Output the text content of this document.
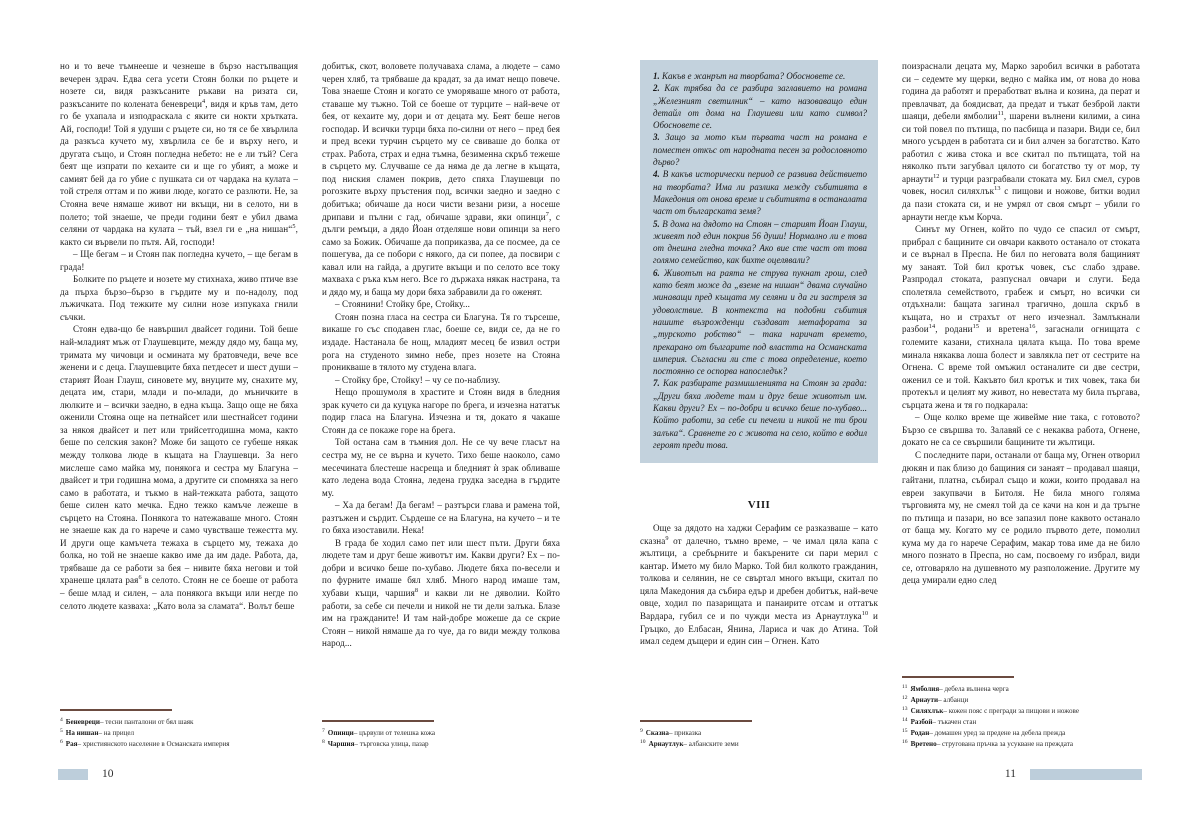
но и то вече тъмнееше и чезнеше в бързо настъпващия вечерен здрач. Едва сега усети Стоян болки по ръцете и нозете си, видя разкъсаните ръкави на ризата си, разкъсаните по колената беневреци$^4$, видя и кръв там, дето го бе ухапала и изподраскала с яките си нокти хрътката. Ай, господи! Той я удуши с ръцете си, но тя се бе хвърлила да разкъса кучето му, хвърлила се бе и върху него, и другата също, и Стоян погледна небето: не е ли тъй? Сега беят ще изпрати по кехаите си и ще го убият, а може и самият бей да го убие с пушката си от чардака на кулата – той стреля оттам и по живи люде, когато се разлюти. Не, за Стояна вече нямаше живот ни вкъщи, ни в селото, ни в полето; той знаеше, че преди години беят е убил двама селяни от чардака на кулата – тъй, взел ги е „на нишан“$^5$, както си вървели по пътя. Ай, господи!

– Ще бегам – и Стоян пак погледна кучето, – ще бегам в града!

Болките по ръцете и нозете му стихнаха, живо птиче взе да пърха бързо–бързо в гърдите му и по-надолу, под лъжичката. Под тежките му силни нозе изпукаха гнили съчки.

Стоян едва-що бе навършил двайсет години. Той беше най-младият мъж от Глаушевците, между дядо му, баща му, тримата му чичовци и осмината му братовчеди, вече все женени и с деца. Глаушевците бяха петдесет и шест души – старият Йоан Глауш, синовете му, внуците му, снахите му, децата им, стари, млади и по-млади, до мъничките в люлките и – всички заедно, в една къща. Защо още не бяха оженили Стояна още на петнайсет или шестнайсет години за някоя двайсет и пет или трийсетгодишна мома, както беше по селския закон? Може би защото се губеше някак между толкова люде в къщата на Глаушевци. За него мислеше само майка му, понякога и сестра му Благуна – двайсет и три годишна мома, а другите си спомняха за него само в работата, и тъкмо в най-тежката работа, защото беше силен като мечка. Едно тежко камъче лежеше в сърцето на Стояна. Понякога то натежаваше много. Стоян не знаеше как да го нарече и само чувстваше тежестта му. И други още камъчета тежаха в сърцето му, тежаха до болка, но той не знаеше какво име да им даде. Работа, да, трябваше да се работи за бея – нивите бяха негови и той хранеше цялата рая$^6$ в селото. Стоян не се боеше от работа – беше млад и силен, – ала понякога вкъщи или негде по селото людете казваха: „Като вола за сламата“. Волът беше

$^4$ Беневреци– тесни панталони от бял шаяк

$^5$ На нишан– на прицел

$^6$ Рая– християнското население в Османската империя

добитък, скот, воловете получаваха слама, а людете – само черен хляб, та трябваше да крадат, за да имат нещо повече. Това знаеше Стоян и когато се уморяваше много от работа, ставаше му тъжно. Той се боеше от турците – най-вече от бея, от кехаите му, дори и от децата му. Беят беше негов господар. И всички турци бяха по-силни от него – пред бея и пред всеки турчин сърцето му се свиваше до болка от страх. Работа, страх и една тъмна, безименна скръб тежеше в сърцето му. Случваше се да няма де да легне в къщата, под ниския сламен покрив, дето спяха Глаушевци по рогозките върху пръстения под, всички заедно и заедно с добитъка; обичаше да носи чисти везани ризи, а носеше дрипави и пълни с гад, обичаше здрави, яки опинци$^7$, с дълги ремъци, а дядо Йоан отделяше нови опинци за него само за Божик. Обичаше да поприказва, да се посмее, да се пошегува, да се побори с някого, да си попее, да посвири с кавал или на гайда, а другите вкъщи и по селото все току махваха с ръка към него. Все го държаха някак настрана, та и дядо му, и баща му дори бяха забравили да го оженят.

– Стоянини! Стойку бре, Стойку...

Стоян позна гласа на сестра си Благуна. Тя го търсеше, викаше го със сподавен глас, боеше се, види се, да не го издаде. Настанала бе нощ, младият месец бе извил остри рога на студеното зимно небе, през нозете на Стояна проникваше в тялото му студена влага.

– Стойку бре, Стойку! – чу се по-наблизу.

Нещо прошумоля в храстите и Стоян видя в бледния зрак кучето си да куцука нагоре по брега, и изчезна нататък подир гласа на Благуна. Изчезна и тя, докато я чакаше Стоян да се покаже горе на брега.

Той остана сам в тъмния дол. Не се чу вече гласът на сестра му, не се върна и кучето. Тихо беше наоколо, само месечината блестеше насреща и бледният ѝ зрак обливаше като ледена вода Стояна, ледена грудка заседна в гърдите му.

– Ха да бегам! Да бегам! – разтърси глава и рамена той, разтъжен и сърдит. Сърдеше се на Благуна, на кучето – и те го бяха изоставили. Нека!

В града бе ходил само пет или шест пъти. Други бяха людете там и друг беше животът им. Какви други? Ех – по-добри и всичко беше по-хубаво. Людете бяха по-весели и по фурните имаше бял хляб. Много народ имаше там, хубави къщи, чаршия$^8$ и какви ли не дяволии. Който работи, за себе си печели и никой не ти дели залъка. Блазе им на гражданите! И там най-добре можеше да се скрие Стоян – никой нямаше да го чуе, да го види между толкова народ...

$^7$ Опинци– цървули от телешка кожа

$^8$ Чаршия– търговска улица, пазар

10

1. Какъв е жанрът на творбата? Обосновете се.

2. Как трябва да се разбира заглавието на романа „Железният светилник“ – като назоваващо един детайл от дома на Глаушеви или като символ? Обосновете се.

3. Защо за мото към първата част на романа е поместен откъс от народната песен за родословното дърво?

4. В какъв исторически период се развива действието на творбата? Има ли разлика между събитията в Македония от онова време и събитията в останалата част от българската земя?

5. В дома на дядото на Стоян – старият Йоан Глауш, живеят под един покрив 56 души! Нормално ли е това от днешна гледна точка? Ако вие сте част от това голямо семейство, как бихте оцелявали?

6. Животът на раята не струва пукнат грош, след като беят може да „вземе на нишан“ двама случайно минаващи пред къщата му селяни и да ги застреля за удоволствие. В контекста на подобни събития нашите възрожденци създават метафората за „турското робство“ – така наричат времето, прекарано от българите под властта на Османската империя. Съгласни ли сте с това определение, което постоянно се оспорва напоследък?

7. Как разбирате размишленията на Стоян за града: „Други бяха людете там и друг беше животът им. Какви други? Ех – по-добри и всичко беше по-хубаво... Който работи, за себе си печели и никой не ти брои залъка“. Сравнете го с живота на село, който е водил героят преди това.

VIII

Още за дядото на хаджи Серафим се разказваше – като сказна$^9$ от далечно, тъмно време, – че имал цяла капа с жълтици, а сребърните и бакърените си пари мерил с кантар. Името му било Марко. Той бил колкото гражданин, толкова и селянин, не се свъртал много вкъщи, скитал по цяла Македония да събира едър и дребен добитък, най-вече овце, ходил по пазарищата и панаирите отсам и оттатък Вардара, губил се и по чужди места из Арнаутлука$^{10}$ и Гръцко, до Елбасан, Янина, Лариса и чак до Атина. Той имал седем дъщери и един син – Огнен. Като

$^9$ Сказна– приказка

$^{10}$ Арнаутлук– албанските земи

поизраснали децата му, Марко заробил всички в работата си – седемте му щерки, ведно с майка им, от нова до нова година да работят и преработват вълна и козина, да перат и превлачват, да боядисват, да предат и тъкат безброй лакти шаяци, дебели ямболии$^{11}$, шарени вълнени килими, а сина си той повел по пътища, по пасбища и пазари. Види се, бил много усърден в работата си и бил алчен за богатство. Като работил с жива стока и все скитал по пътищата, той на няколко пъти загубвал цялото си богатство ту от мор, ту арнаути$^{12}$ и турци разграбвали стоката му. Бил смел, суров човек, носил силяхлък$^{13}$ с пищови и ножове, битки водил да пази стоката си, и не умрял от своя смърт – убили го арнаути негде към Корча.

Синът му Огнен, който по чудо се спасил от смърт, прибрал с бащините си овчари каквото останало от стоката и се върнал в Преспа. Не бил по неговата воля бащиният му занаят. Той бил кротък човек, със слабо здраве. Разпродал стоката, разпуснал овчари и слуги. Беда сполетяла семейството, грабеж и смърт, но всички си отдъхнали: бащата загинал трагично, дошла скръб в къщата, но и страхът от него изчезнал. Замлъкнали разбои$^{14}$, родани$^{15}$ и вретена$^{16}$, загаснали огнищата с големите казани, стихнала цялата къща. По това време минала някаква лоша болест и завлякла пет от сестрите на Огнена. С време той омъжил останалите си две сестри, оженил се и той. Какъвто бил кротък и тих човек, така би протекъл и целият му живот, но невестата му била пъргава, сърцата жена и тя го подкарала:

– Още колко време ще живейме ние така, с готовото? Бързо се свършва то. Залавяй се с некаква работа, Огнене, докато не са се свършили бащините ти жълтици.

С последните пари, останали от баща му, Огнен отворил дюкян и пак близо до бащиния си занаят – продавал шаяци, гайтани, платна, събирал също и кожи, които продавал на евреи закупвачи в Битоля. Не била много голяма търговията му, не смеял той да се качи на кон и да тръгне по пътища и пазари, но все запазил поне каквото останало от баща му. Когато му се родило първото дете, помолил кума му да го нарече Серафим, макар това име да не било много познато в Преспа, но сам, посвоему го избрал, види се, отговаряло на душевното му разположение. Другите му деца умирали едно след

$^{11}$ Ямболия– дебела вълнена черга

$^{12}$ Арнаути– албанци

$^{13}$ Силяхлък– кожен пояс с прегради за пищови и ножове

$^{14}$ Разбой– тъкачен стан

$^{15}$ Родан– домашен уред за предене на дебела прежда

$^{16}$ Вретено– стругована пръчка за усукване на преждата

11
